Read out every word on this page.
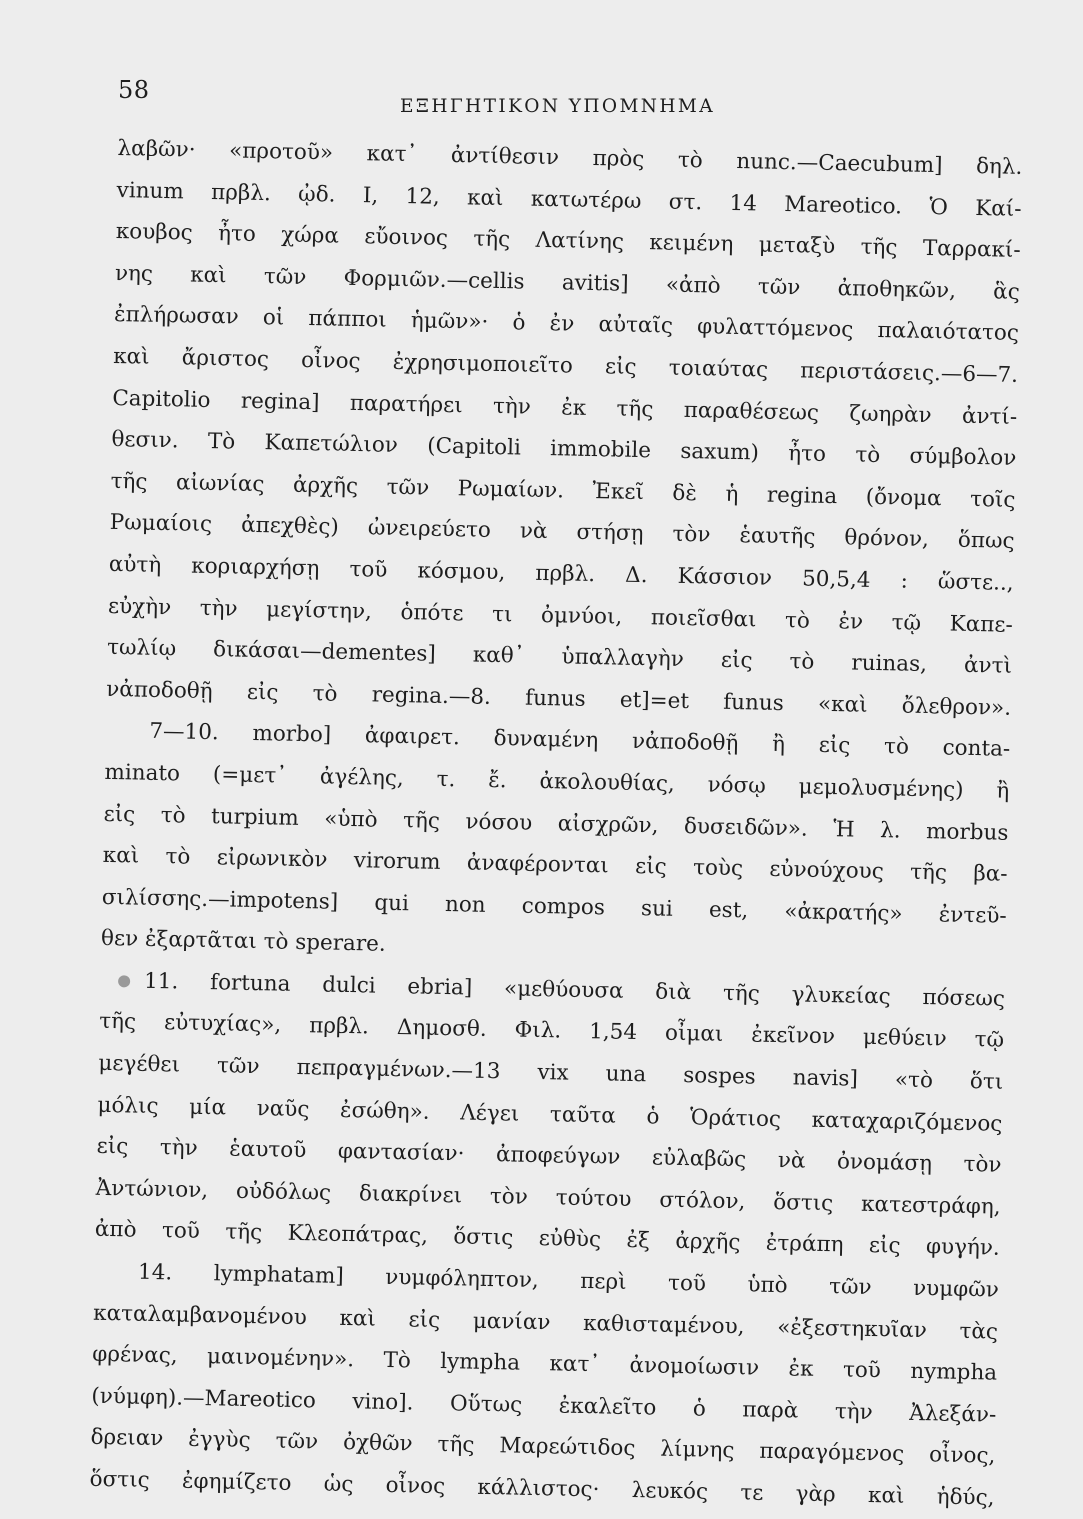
58
ΕΞΗΓΗΤΙΚΟΝ ΥΠΟΜΝΗΜΑ
λαβῶν· «προτοῦ» κατ᾽ ἀντίθεσιν πρὸς τὸ nunc.—Caecubum] δηλ.
vinum πρβλ. ᾠδ. I, 12, καὶ κατωτέρω στ. 14 Mareotico. Ὁ Καί-
κουβος ἦτο χώρα εὔοινος τῆς Λατίνης κειμένη μεταξὺ τῆς Ταρρακί-
νης καὶ τῶν Φορμιῶν.—cellis avitis] «ἀπὸ τῶν ἀποθηκῶν, ἃς
ἐπλήρωσαν οἱ πάπποι ἡμῶν»· ὁ ἐν αὐταῖς φυλαττόμενος παλαιότατος
καὶ ἄριστος οἶνος ἐχρησιμοποιεῖτο εἰς τοιαύτας περιστάσεις.—6—7.
Capitolio regina] παρατήρει τὴν ἐκ τῆς παραθέσεως ζωηρὰν ἀντί-
θεσιν. Τὸ Καπετώλιον (Capitoli immobile saxum) ἦτο τὸ σύμβολον
τῆς αἰωνίας ἀρχῆς τῶν Ρωμαίων. Ἐκεῖ δὲ ἡ regina (ὄνομα τοῖς
Ρωμαίοις ἀπεχθὲς) ὠνειρεύετο νὰ στήσῃ τὸν ἑαυτῆς θρόνον, ὅπως
αὐτὴ κοριαρχήσῃ τοῦ κόσμου, πρβλ. Δ. Κάσσιον 50,5,4 : ὥστε..,
εὐχὴν τὴν μεγίστην, ὁπότε τι ὀμνύοι, ποιεῖσθαι τὸ ἐν τῷ Καπε-
τωλίῳ δικάσαι—dementes] καθ᾽ ὑπαλλαγὴν εἰς τὸ ruinas, ἀντὶ
νἀποδοθῇ εἰς τὸ regina.—8. funus et]=et funus «καὶ ὄλεθρον».
7—10. morbo] ἀφαιρετ. δυναμένη νἀποδοθῇ ἢ εἰς τὸ conta-
minato (=μετ᾽ ἀγέλης, τ. ἔ. ἀκολουθίας, νόσῳ μεμολυσμένης) ἢ
εἰς τὸ turpium «ὑπὸ τῆς νόσου αἰσχρῶν, δυσειδῶν». Ἡ λ. morbus
καὶ τὸ εἰρωνικὸν virorum ἀναφέρονται εἰς τοὺς εὐνούχους τῆς βα-
σιλίσσης.—impotens] qui non compos sui est, «ἀκρατής» ἐντεῦ-
θεν ἐξαρτᾶται τὸ sperare.
11. fortuna dulci ebria] «μεθύουσα διὰ τῆς γλυκείας πόσεως
τῆς εὐτυχίας», πρβλ. Δημοσθ. Φιλ. 1,54 οἶμαι ἐκεῖνον μεθύειν τῷ
μεγέθει τῶν πεπραγμένων.—13 vix una sospes navis] «τὸ ὅτι
μόλις μία ναῦς ἐσώθη». Λέγει ταῦτα ὁ Ὁράτιος καταχαριζόμενος
εἰς τὴν ἑαυτοῦ φαντασίαν· ἀποφεύγων εὐλαβῶς νὰ ὀνομάσῃ τὸν
Ἀντώνιον, οὐδόλως διακρίνει τὸν τούτου στόλον, ὅστις κατεστράφη,
ἀπὸ τοῦ τῆς Κλεοπάτρας, ὅστις εὐθὺς ἐξ ἀρχῆς ἐτράπη εἰς φυγήν.
14. lymphatam] νυμφόληπτον, περὶ τοῦ ὑπὸ τῶν νυμφῶν
καταλαμβανομένου καὶ εἰς μανίαν καθισταμένου, «ἐξεστηκυῖαν τὰς
φρένας, μαινομένην». Τὸ lympha κατ᾽ ἀνομοίωσιν ἐκ τοῦ nympha
(νύμφη).—Mareotico vino]. Οὕτως ἐκαλεῖτο ὁ παρὰ τὴν Ἀλεξάν-
δρειαν ἐγγὺς τῶν ὀχθῶν τῆς Μαρεώτιδος λίμνης παραγόμενος οἶνος,
ὅστις ἐφημίζετο ὡς οἶνος κάλλιστος· λευκός τε γὰρ καὶ ἡδύς,
